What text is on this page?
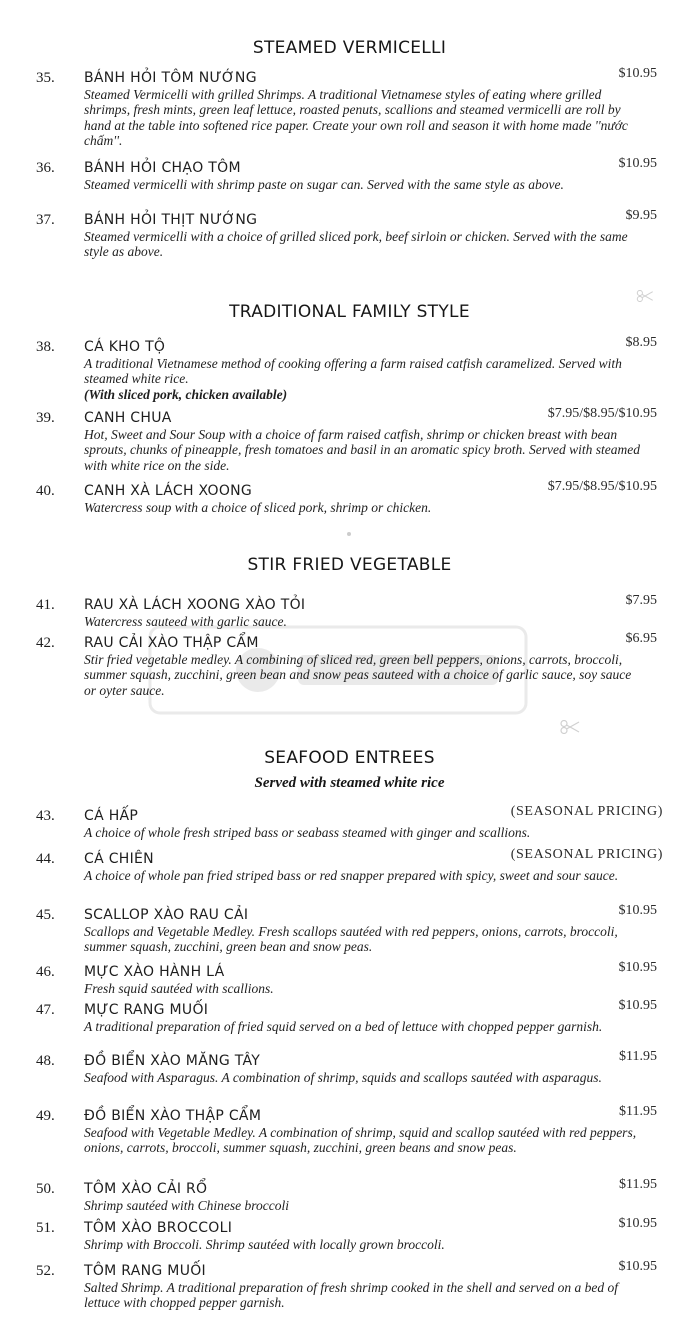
STEAMED VERMICELLI
35. BÁNH HỎI TÔM NƯỚNG	$10.95
Steamed Vermicelli with grilled Shrimps. A traditional Vietnamese styles of eating where grilled shrimps, fresh mints, green leaf lettuce, roasted penuts, scallions and steamed vermicelli are roll by hand at the table into softened rice paper. Create your own roll and season it with home made ''nước chấm''.
36. BÁNH HỎI CHẠO TÔM	$10.95
Steamed vermicelli with shrimp paste on sugar can. Served with the same style as above.
37. BÁNH HỎI THỊT NƯỚNG	$9.95
Steamed vermicelli with a choice of grilled sliced pork, beef sirloin or chicken. Served with the same style as above.
TRADITIONAL FAMILY STYLE
38. CÁ KHO TỘ	$8.95
A traditional Vietnamese method of cooking offering a farm raised catfish caramelized. Served with steamed white rice.
(With sliced pork, chicken available)
39. CANH CHUA	$7.95/$8.95/$10.95
Hot, Sweet and Sour Soup with a choice of farm raised catfish, shrimp or chicken breast with bean sprouts, chunks of pineapple, fresh tomatoes and basil in an aromatic spicy broth. Served with steamed with white rice on the side.
40. CANH XÀ LÁCH XOONG	$7.95/$8.95/$10.95
Watercress soup with a choice of sliced pork, shrimp or chicken.
STIR FRIED VEGETABLE
41. RAU XÀ LÁCH XOONG XÀO TỎI	$7.95
Watercress sauteed with garlic sauce.
42. RAU CẢI XÀO THẬP CẨM	$6.95
Stir fried vegetable medley. A combining of sliced red, green bell peppers, onions, carrots, broccoli, summer squash, zucchini, green bean and snow peas sauteed with a choice of garlic sauce, soy sauce or oyter sauce.
SEAFOOD ENTREES
Served with steamed white rice
43. CÁ HẤP	(SEASONAL PRICING)
A choice of whole fresh striped bass or seabass steamed with ginger and scallions.
44. CÁ CHIÊN	(SEASONAL PRICING)
A choice of whole pan fried striped bass or red snapper prepared with spicy, sweet and sour sauce.
45. SCALLOP XÀO RAU CẢI	$10.95
Scallops and Vegetable Medley. Fresh scallops sautéed with red peppers, onions, carrots, broccoli, summer squash, zucchini, green bean and snow peas.
46. MỰC XÀO HÀNH LÁ	$10.95
Fresh squid sautéed with scallions.
47. MỰC RANG MUỐI	$10.95
A traditional preparation of fried squid served on a bed of lettuce with chopped pepper garnish.
48. ĐỒ BIỂN XÀO MĂNG TÂY	$11.95
Seafood with Asparagus. A combination of shrimp, squids and scallops sautéed with asparagus.
49. ĐỒ BIỂN XÀO THẬP CẨM	$11.95
Seafood with Vegetable Medley. A combination of shrimp, squid and scallop sautéed with red peppers, onions, carrots, broccoli, summer squash, zucchini, green beans and snow peas.
50. TÔM XÀO CẢI RỔ	$11.95
Shrimp sautéed with Chinese broccoli
51. TÔM XÀO BROCCOLI	$10.95
Shrimp with Broccoli. Shrimp sautéed with locally grown broccoli.
52. TÔM RANG MUỐI	$10.95
Salted Shrimp. A traditional preparation of fresh shrimp cooked in the shell and served on a bed of lettuce with chopped pepper garnish.
